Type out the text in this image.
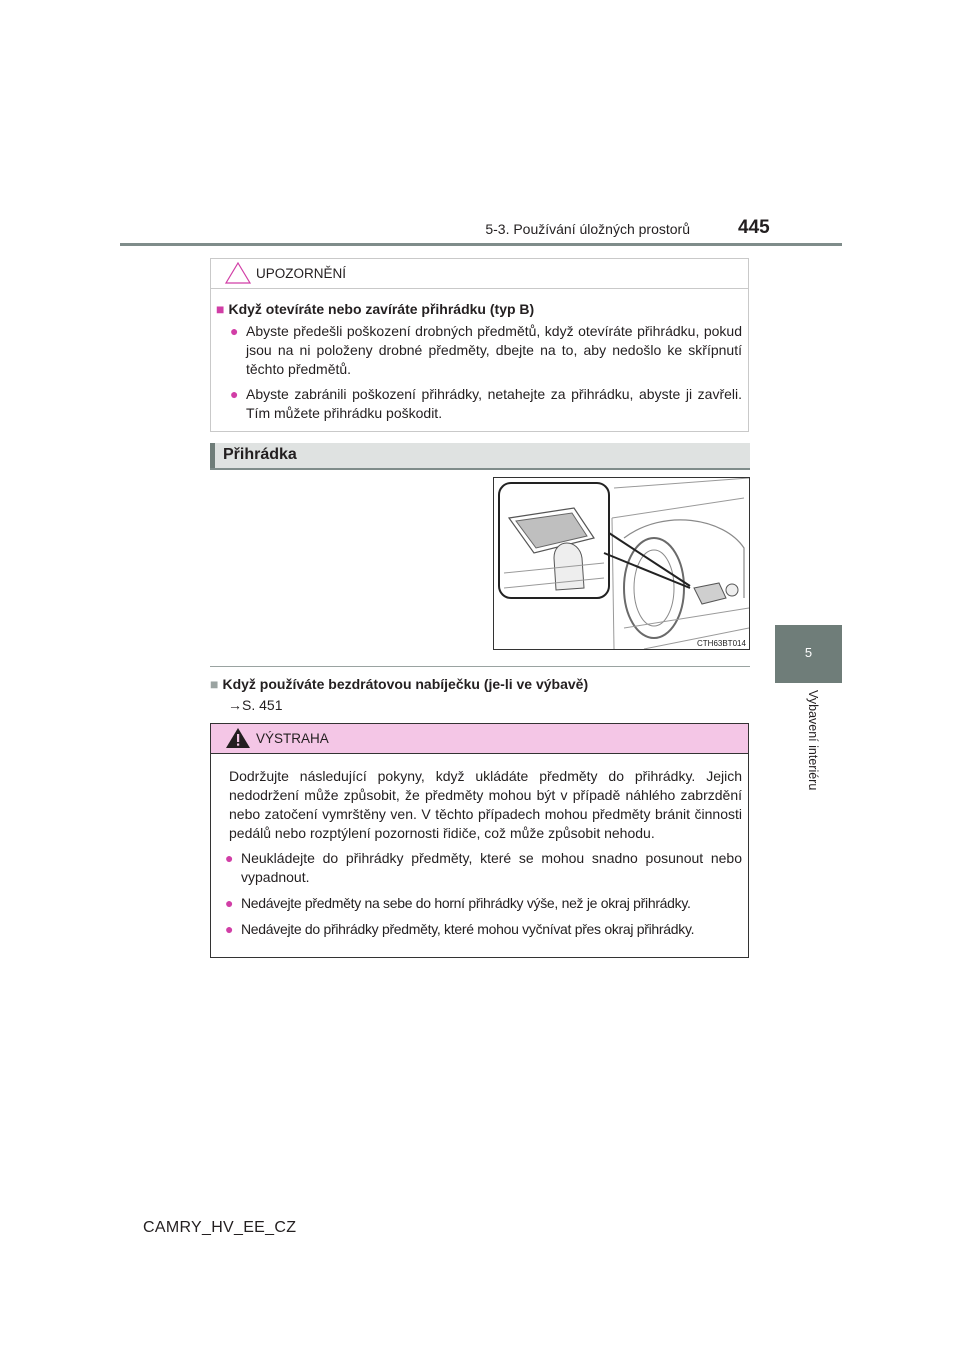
5-3. Používání úložných prostorů	445
5
Vybavení interiéru
UPOZORNĚNÍ
■ Když otevíráte nebo zavíráte přihrádku (typ B)
● Abyste předešli poškození drobných předmětů, když otevíráte přihrádku, pokud jsou na ni položeny drobné předměty, dbejte na to, aby nedošlo ke skřípnutí těchto předmětů.
● Abyste zabránili poškození přihrádky, netahejte za přihrádku, abyste ji zavřeli. Tím můžete přihrádku poškodit.
Přihrádka
CTH63BT014
■ Když používáte bezdrátovou nabíječku (je-li ve výbavě)
→S. 451
VÝSTRAHA
Dodržujte následující pokyny, když ukládáte předměty do přihrádky. Jejich nedodržení může způsobit, že předměty mohou být v případě náhlého zabrzdění nebo zatočení vymrštěny ven. V těchto případech mohou předměty bránit činnosti pedálů nebo rozptýlení pozornosti řidiče, což může způsobit nehodu.
● Neukládejte do přihrádky předměty, které se mohou snadno posunout nebo vypadnout.
● Nedávejte předměty na sebe do horní přihrádky výše, než je okraj přihrádky.
● Nedávejte do přihrádky předměty, které mohou vyčnívat přes okraj přihrádky.
CAMRY_HV_EE_CZ
